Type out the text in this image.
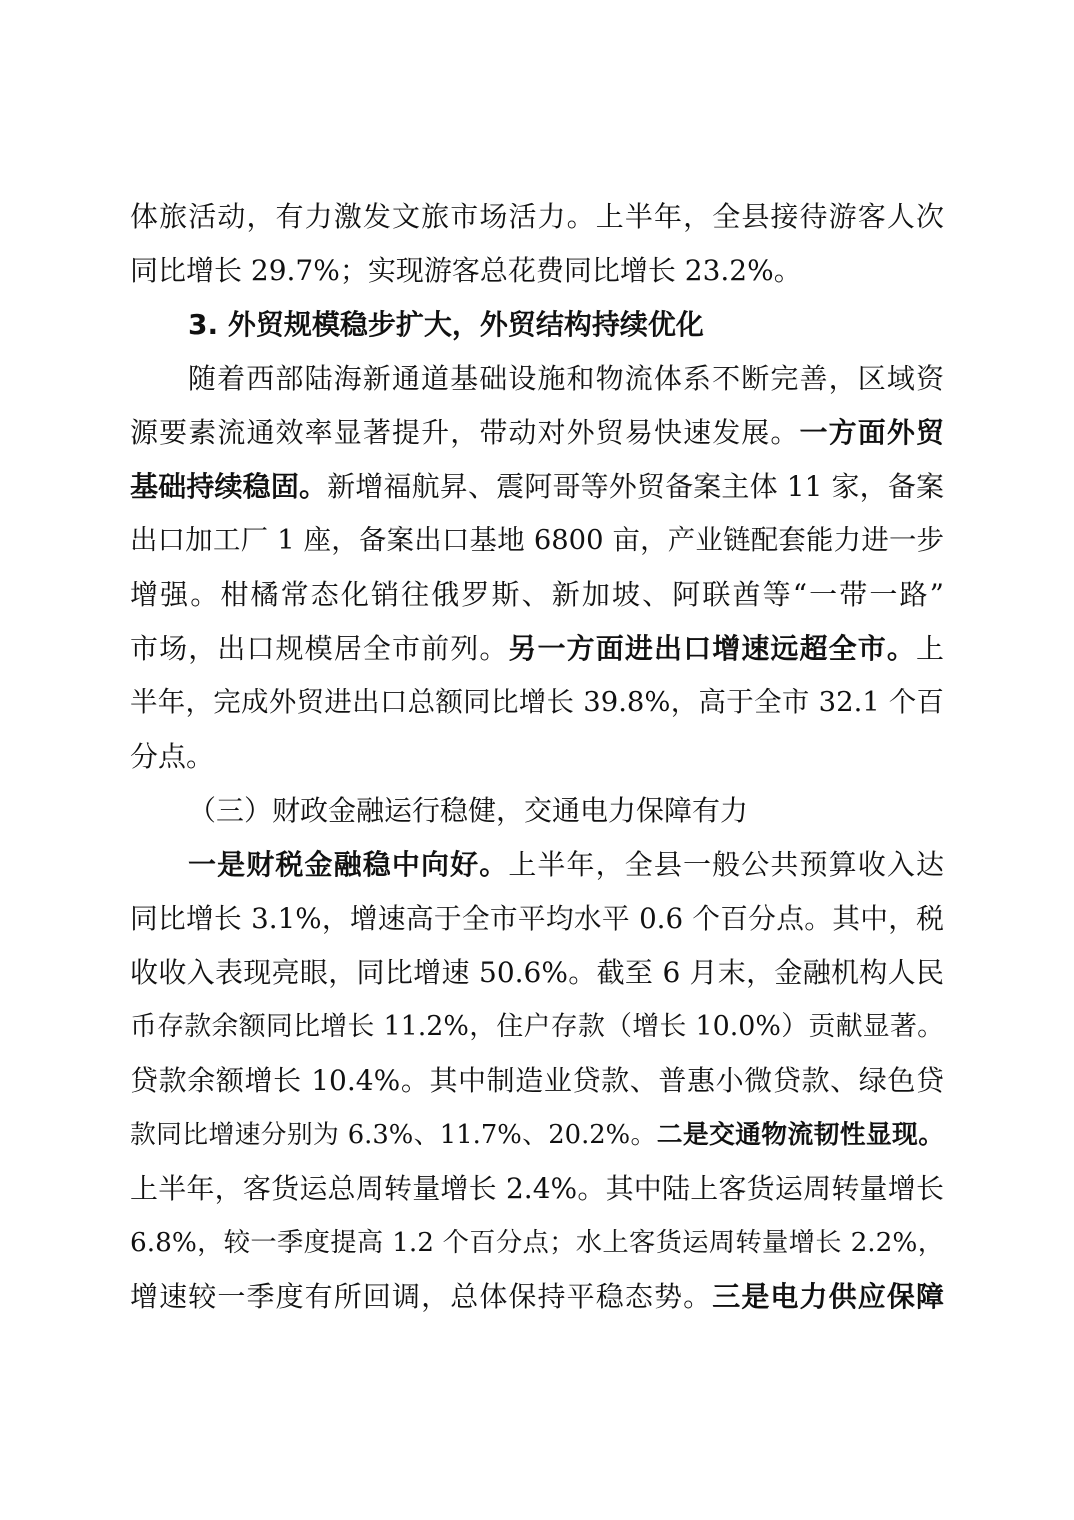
体旅活动，有力激发文旅市场活力。上半年，全县接待游客人次
同比增长 29.7%；实现游客总花费同比增长 23.2%。
3. 外贸规模稳步扩大，外贸结构持续优化
随着西部陆海新通道基础设施和物流体系不断完善，区域资
源要素流通效率显著提升，带动对外贸易快速发展。一方面外贸
基础持续稳固。新增福航昇、震阿哥等外贸备案主体 11 家，备案
出口加工厂 1 座，备案出口基地 6800 亩，产业链配套能力进一步
增强。柑橘常态化销往俄罗斯、新加坡、阿联酋等“一带一路”
市场，出口规模居全市前列。另一方面进出口增速远超全市。上
半年，完成外贸进出口总额同比增长 39.8%，高于全市 32.1 个百
分点。
（三）财政金融运行稳健，交通电力保障有力
一是财税金融稳中向好。上半年，全县一般公共预算收入达
同比增长 3.1%，增速高于全市平均水平 0.6 个百分点。其中，税
收收入表现亮眼，同比增速 50.6%。截至 6 月末，金融机构人民
币存款余额同比增长 11.2%，住户存款（增长 10.0%）贡献显著。
贷款余额增长 10.4%。其中制造业贷款、普惠小微贷款、绿色贷
款同比增速分别为 6.3%、11.7%、20.2%。二是交通物流韧性显现。
上半年，客货运总周转量增长 2.4%。其中陆上客货运周转量增长
6.8%，较一季度提高 1.2 个百分点；水上客货运周转量增长 2.2%，
增速较一季度有所回调，总体保持平稳态势。三是电力供应保障
